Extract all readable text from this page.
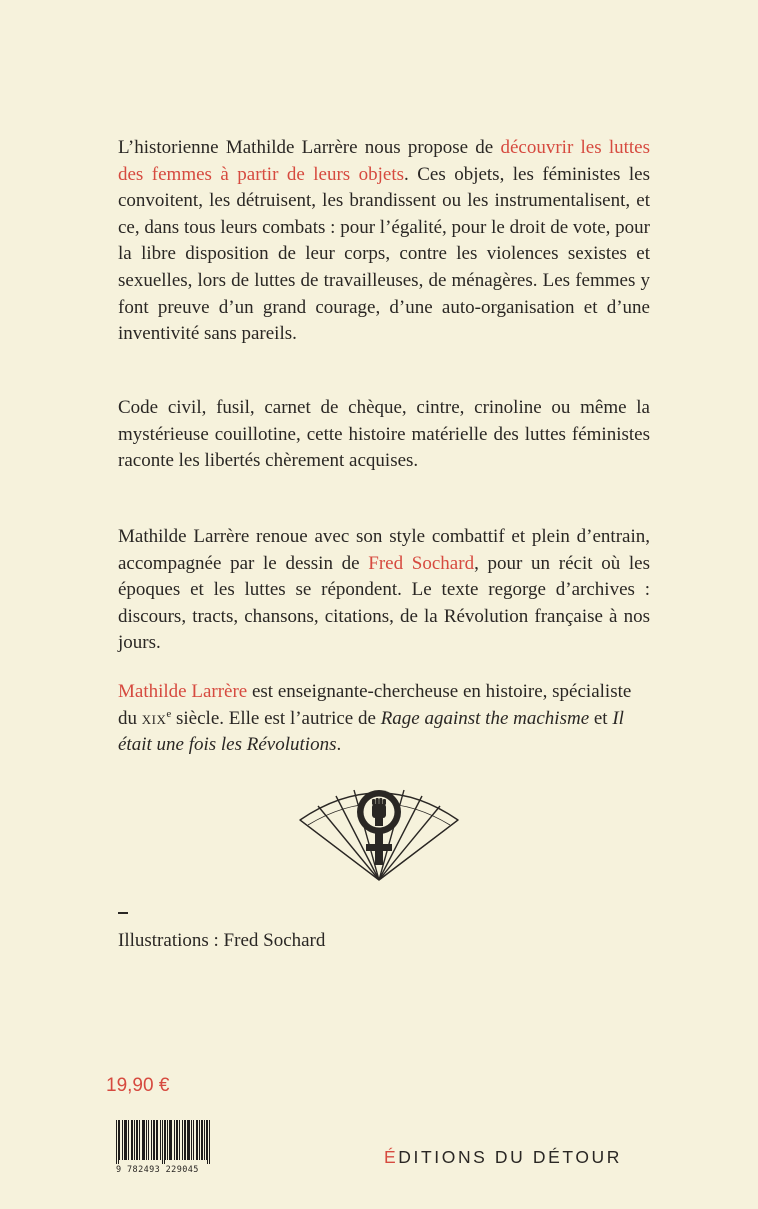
L’historienne Mathilde Larrère nous propose de découvrir les luttes des femmes à partir de leurs objets. Ces objets, les féministes les convoitent, les détruisent, les brandissent ou les instrumentalisent, et ce, dans tous leurs combats : pour l’égalité, pour le droit de vote, pour la libre disposition de leur corps, contre les violences sexistes et sexuelles, lors de luttes de travailleuses, de ménagères. Les femmes y font preuve d’un grand courage, d’une auto-organisation et d’une inventivité sans pareils.

Code civil, fusil, carnet de chèque, cintre, crinoline ou même la mystérieuse couillotine, cette histoire matérielle des luttes féministes raconte les libertés chèrement acquises.

Mathilde Larrère renoue avec son style combattif et plein d’entrain, accompagnée par le dessin de Fred Sochard, pour un récit où les époques et les luttes se répondent. Le texte regorge d’archives : discours, tracts, chansons, citations, de la Révolution française à nos jours.

Mathilde Larrère est enseignante-chercheuse en histoire, spécialiste du xix$^e$ siècle. Elle est l’autrice de Rage against the machisme et Il était une fois les Révolutions.

Illustrations : Fred Sochard
19,90 €
9 782493 229045
ÉDITIONS DU DÉTOUR
